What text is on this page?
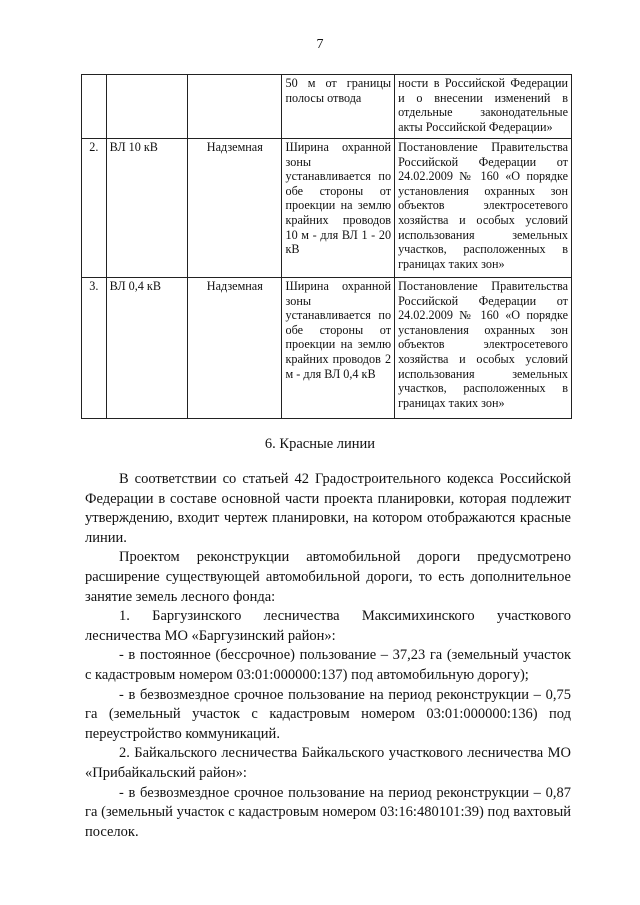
7
			50 м от границы полосы отвода	ности в Российской Федерации и о внесении изменений в отдельные законодательные акты Российской Федерации»
2.	ВЛ 10 кВ	Надземная	Ширина охранной зоны устанавливается по обе стороны от проекции на землю крайних проводов 10 м - для ВЛ 1 - 20 кВ	Постановление Правительства Российской Федерации от 24.02.2009 № 160 «О порядке установления охранных зон объектов электросетевого хозяйства и особых условий использования земельных участков, расположенных в границах таких зон»
3.	ВЛ 0,4 кВ	Надземная	Ширина охранной зоны устанавливается по обе стороны от проекции на землю крайних проводов 2 м - для ВЛ 0,4 кВ	Постановление Правительства Российской Федерации от 24.02.2009 № 160 «О порядке установления охранных зон объектов электросетевого хозяйства и особых условий использования земельных участков, расположенных в границах таких зон»
6. Красные линии

В соответствии со статьей 42 Градостроительного кодекса Российской Федерации в составе основной части проекта планировки, которая подлежит утверждению, входит чертеж планировки, на котором отображаются красные линии.

Проектом реконструкции автомобильной дороги предусмотрено расширение существующей автомобильной дороги, то есть дополнительное занятие земель лесного фонда:

1. Баргузинского лесничества Максимихинского участкового лесничества МО «Баргузинский район»:

- в постоянное (бессрочное) пользование – 37,23 га (земельный участок с кадастровым номером 03:01:000000:137) под автомобильную дорогу);

- в безвозмездное срочное пользование на период реконструкции – 0,75 га (земельный участок с кадастровым номером 03:01:000000:136) под переустройство коммуникаций.

2. Байкальского лесничества Байкальского участкового лесничества МО «Прибайкальский район»:

- в безвозмездное срочное пользование на период реконструкции – 0,87 га (земельный участок с кадастровым номером 03:16:480101:39) под вахтовый поселок.
